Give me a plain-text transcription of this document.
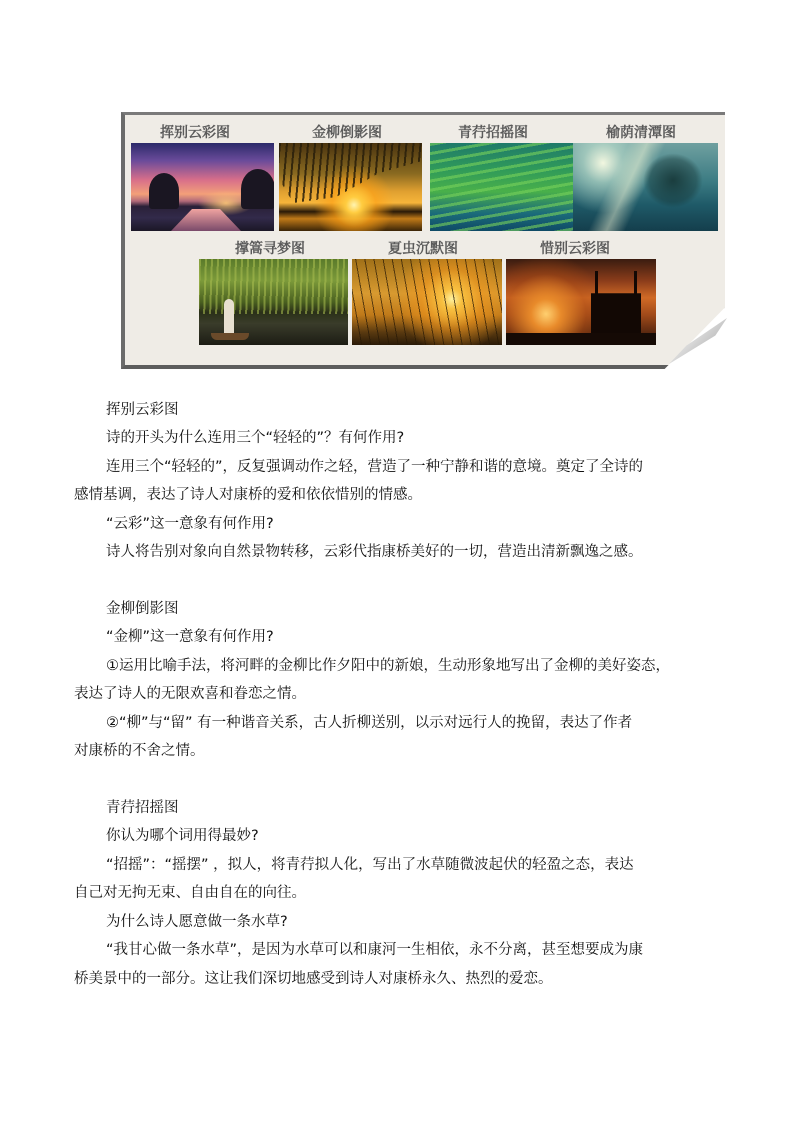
挥别云彩图	金柳倒影图	青荇招摇图	榆荫清潭图
撑篙寻梦图	夏虫沉默图	惜别云彩图
挥别云彩图
诗的开头为什么连用三个“轻轻的”？有何作用?
连用三个“轻轻的”，反复强调动作之轻，营造了一种宁静和谐的意境。奠定了全诗的
感情基调，表达了诗人对康桥的爱和依依惜别的情感。
“云彩”这一意象有何作用?
诗人将告别对象向自然景物转移，云彩代指康桥美好的一切，营造出清新飘逸之感。
金柳倒影图
“金柳”这一意象有何作用?
①运用比喻手法，将河畔的金柳比作夕阳中的新娘，生动形象地写出了金柳的美好姿态，
表达了诗人的无限欢喜和眷恋之情。
②“柳”与“留” 有一种谐音关系，古人折柳送别，以示对远行人的挽留，表达了作者
对康桥的不舍之情。
青荇招摇图
你认为哪个词用得最妙?
“招摇”：“摇摆” ，拟人，将青荇拟人化，写出了水草随微波起伏的轻盈之态，表达
自己对无拘无束、自由自在的向往。
为什么诗人愿意做一条水草?
“我甘心做一条水草”，是因为水草可以和康河一生相依，永不分离，甚至想要成为康
桥美景中的一部分。这让我们深切地感受到诗人对康桥永久、热烈的爱恋。
